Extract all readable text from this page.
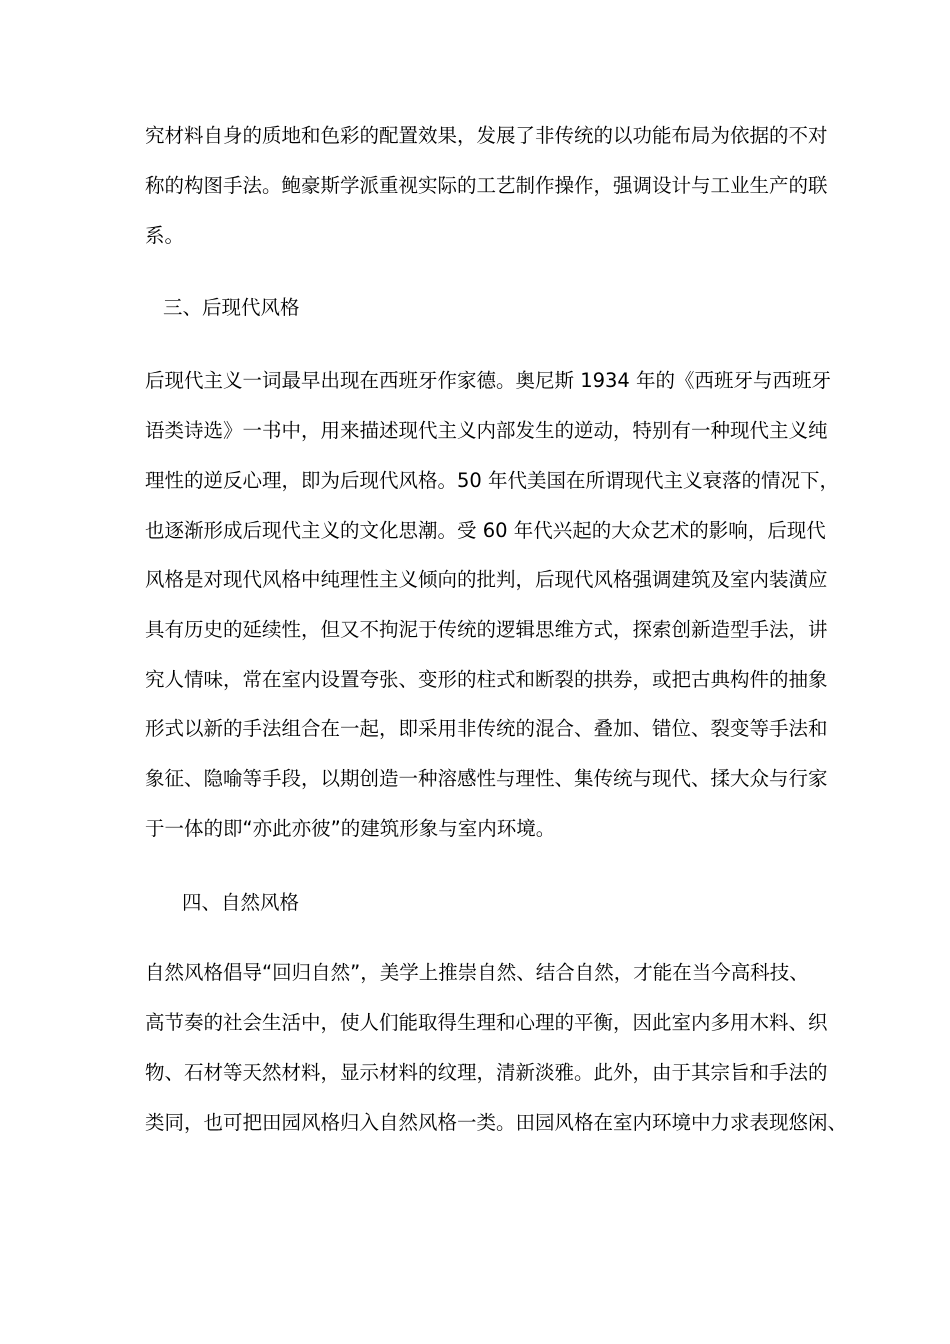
究材料自身的质地和色彩的配置效果，发展了非传统的以功能布局为依据的不对
称的构图手法。鲍豪斯学派重视实际的工艺制作操作，强调设计与工业生产的联
系。
三、后现代风格
后现代主义一词最早出现在西班牙作家德。奥尼斯 1934 年的《西班牙与西班牙
语类诗选》一书中，用来描述现代主义内部发生的逆动，特别有一种现代主义纯
理性的逆反心理，即为后现代风格。50 年代美国在所谓现代主义衰落的情况下，
也逐渐形成后现代主义的文化思潮。受 60 年代兴起的大众艺术的影响，后现代
风格是对现代风格中纯理性主义倾向的批判，后现代风格强调建筑及室内装潢应
具有历史的延续性，但又不拘泥于传统的逻辑思维方式，探索创新造型手法，讲
究人情味，常在室内设置夸张、变形的柱式和断裂的拱券，或把古典构件的抽象
形式以新的手法组合在一起，即采用非传统的混合、叠加、错位、裂变等手法和
象征、隐喻等手段，以期创造一种溶感性与理性、集传统与现代、揉大众与行家
于一体的即“亦此亦彼”的建筑形象与室内环境。
四、自然风格
自然风格倡导“回归自然”，美学上推崇自然、结合自然，才能在当今高科技、
高节奏的社会生活中，使人们能取得生理和心理的平衡，因此室内多用木料、织
物、石材等天然材料，显示材料的纹理，清新淡雅。此外，由于其宗旨和手法的
类同，也可把田园风格归入自然风格一类。田园风格在室内环境中力求表现悠闲、
